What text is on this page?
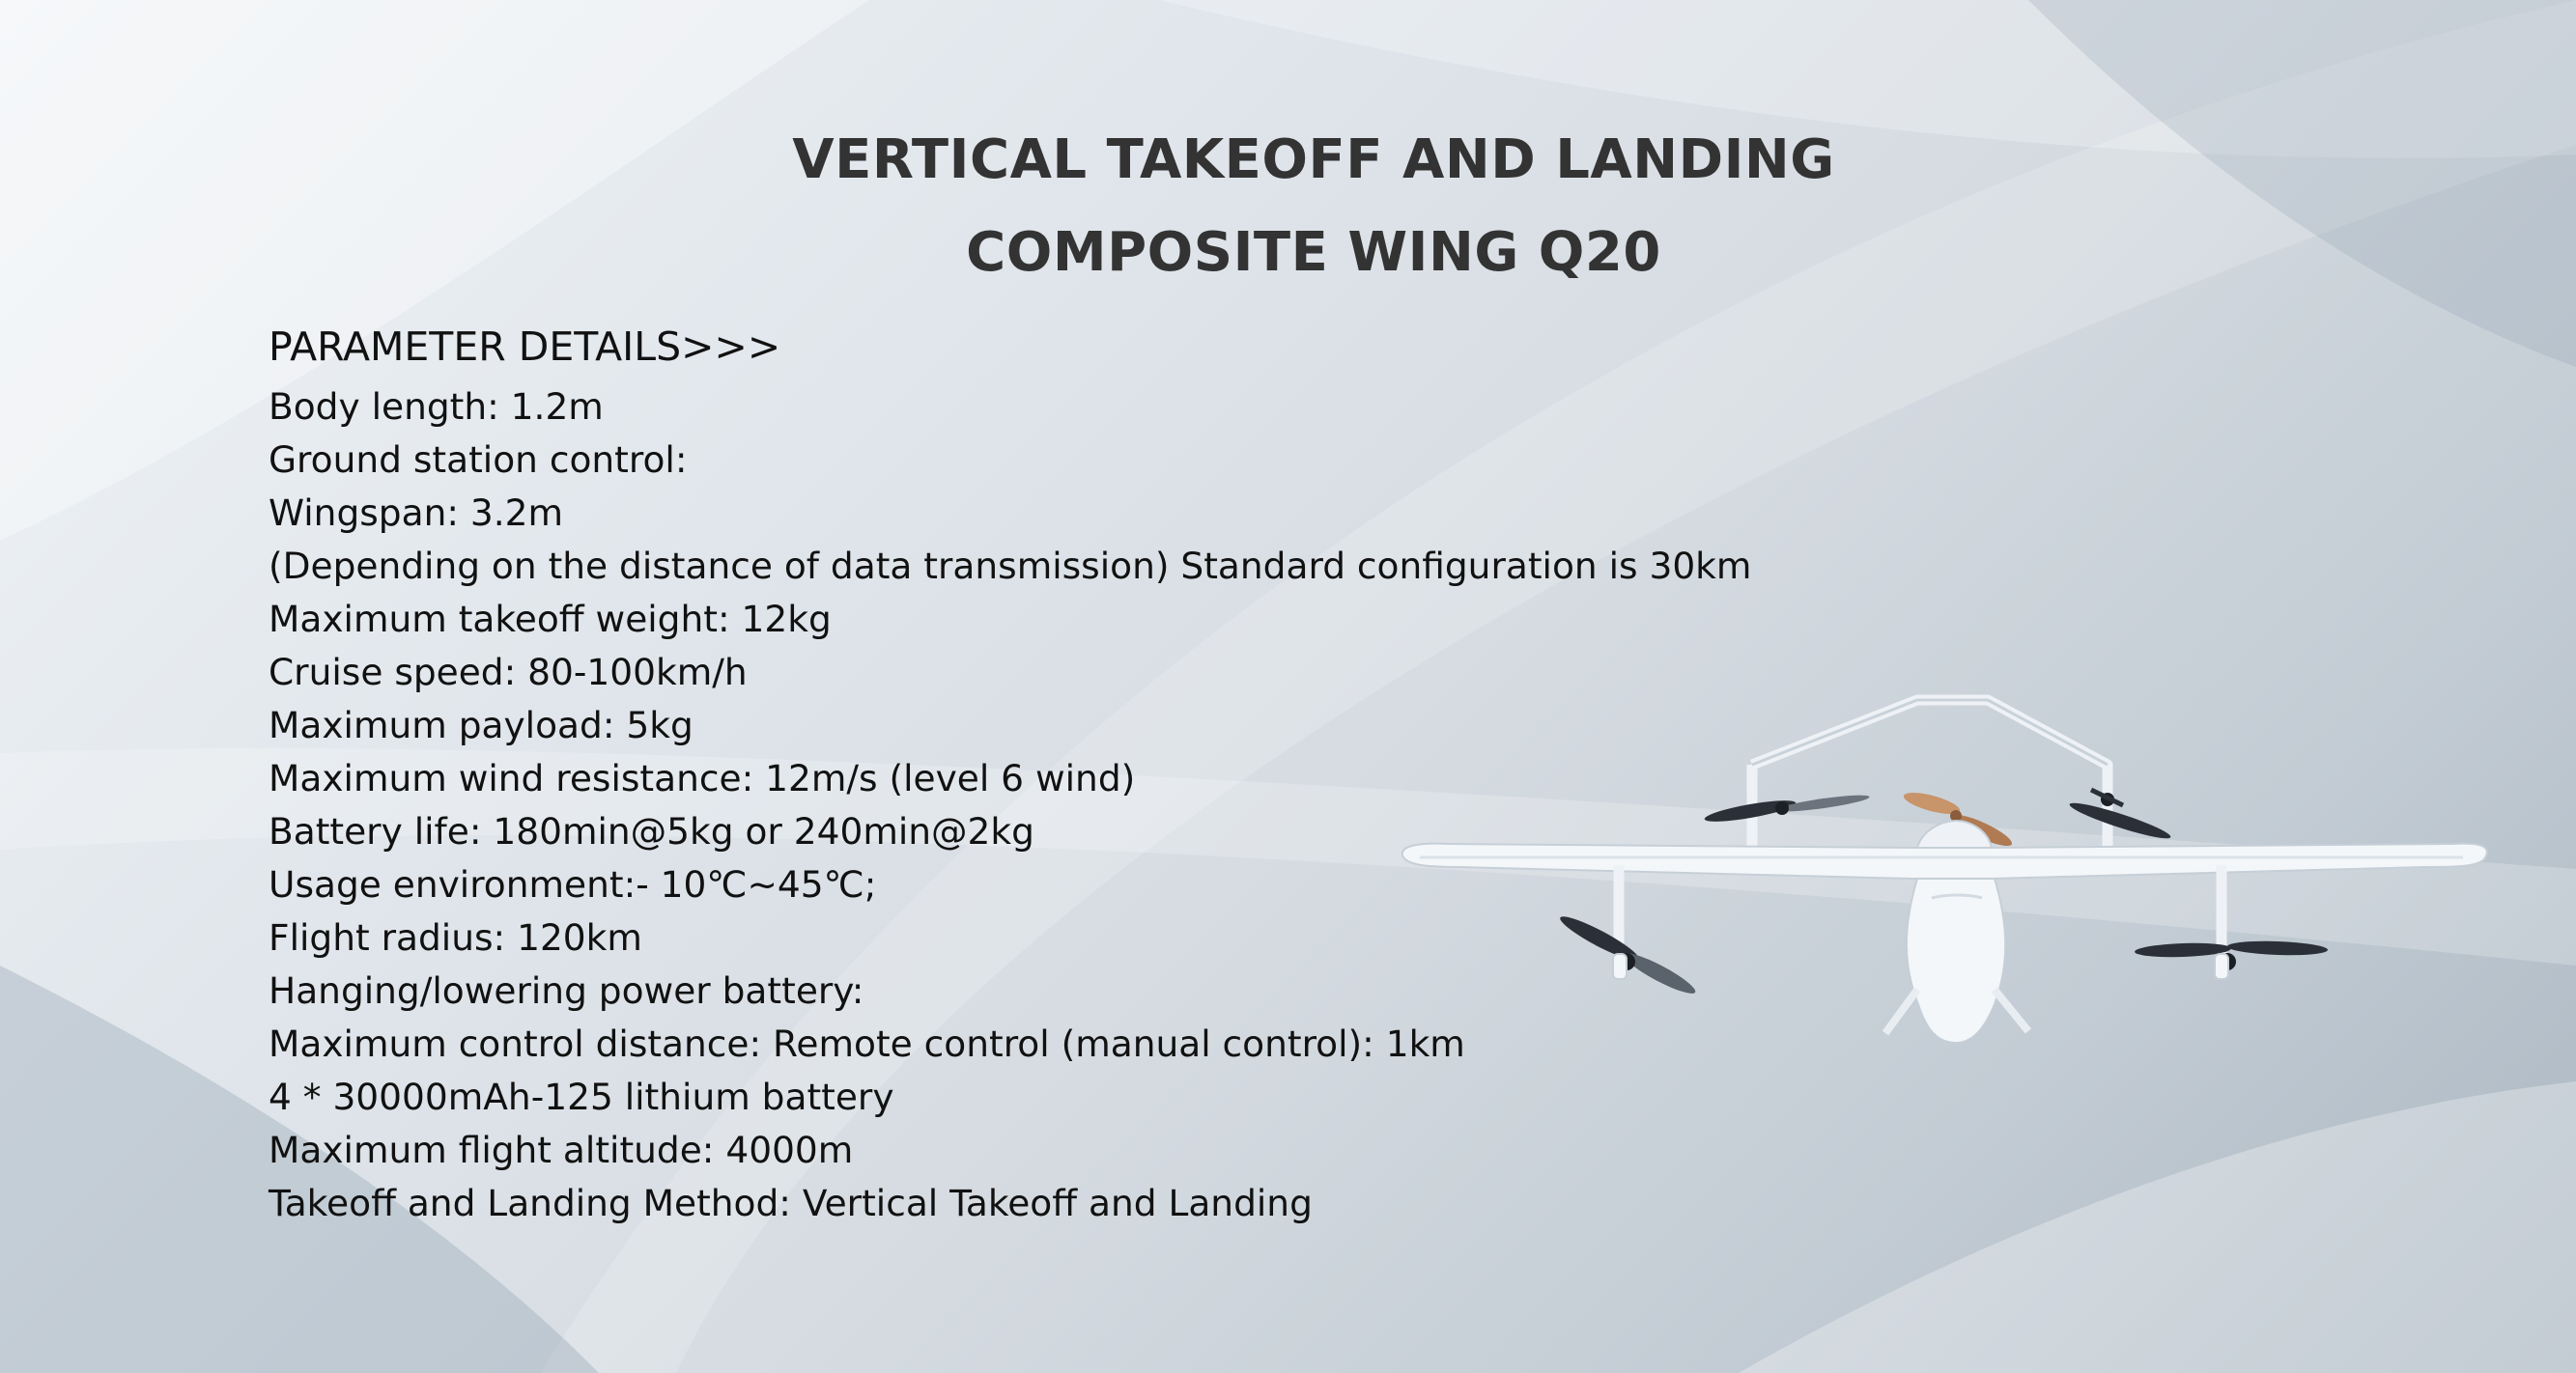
VERTICAL TAKEOFF AND LANDING
COMPOSITE WING Q20
PARAMETER DETAILS>>>
Body length: 1.2m
Ground station control:
Wingspan: 3.2m
(Depending on the distance of data transmission) Standard configuration is 30km
Maximum takeoff weight: 12kg
Cruise speed: 80-100km/h
Maximum payload: 5kg
Maximum wind resistance: 12m/s (level 6 wind)
Battery life: 180min@5kg or 240min@2kg
Usage environment:- 10℃~45℃;
Flight radius: 120km
Hanging/lowering power battery:
Maximum control distance: Remote control (manual control): 1km
4 * 30000mAh-125 lithium battery
Maximum flight altitude: 4000m
Takeoff and Landing Method: Vertical Takeoff and Landing
